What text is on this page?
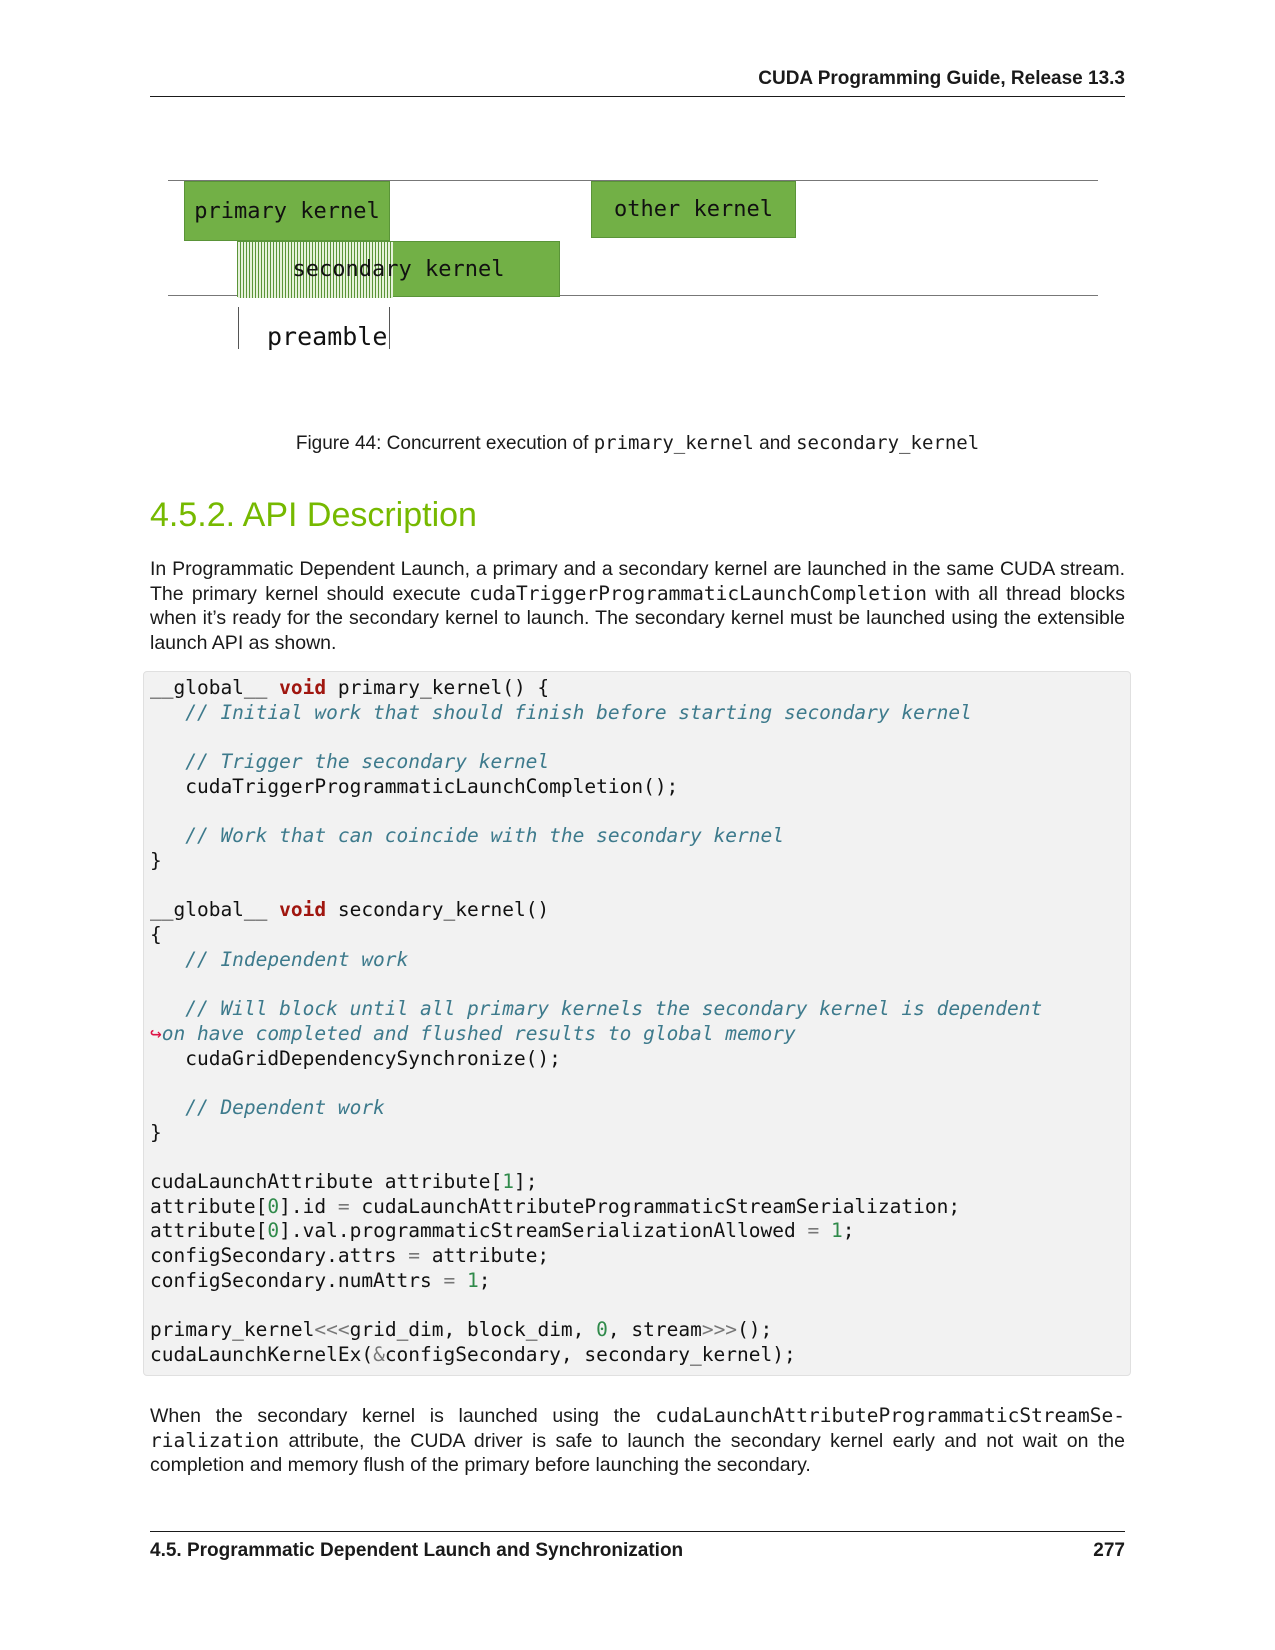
CUDA Programming Guide, Release 13.3
primary kernel	other kernel
secondary kernel
preamble
Figure 44: Concurrent execution of primary_kernel and secondary_kernel
4.5.2. API Description

In Programmatic Dependent Launch, a primary and a secondary kernel are launched in the same CUDA stream. The primary kernel should execute cudaTriggerProgrammaticLaunchCompletion with all thread blocks when it’s ready for the secondary kernel to launch. The secondary kernel must be launched using the extensible launch API as shown.

__global__ void primary_kernel() {
// Initial work that should finish before starting secondary kernel

// Trigger the secondary kernel
cudaTriggerProgrammaticLaunchCompletion();

// Work that can coincide with the secondary kernel
}

__global__ void secondary_kernel()
{
// Independent work

// Will block until all primary kernels the secondary kernel is dependent
↪on have completed and flushed results to global memory
cudaGridDependencySynchronize();

// Dependent work
}

cudaLaunchAttribute attribute[1];
attribute[0].id = cudaLaunchAttributeProgrammaticStreamSerialization;
attribute[0].val.programmaticStreamSerializationAllowed = 1;
configSecondary.attrs = attribute;
configSecondary.numAttrs = 1;

primary_kernel<<<grid_dim, block_dim, 0, stream>>>();
cudaLaunchKernelEx(&configSecondary, secondary_kernel);

When the secondary kernel is launched using the cudaLaunchAttributeProgrammaticStreamSe-rialization attribute, the CUDA driver is safe to launch the secondary kernel early and not wait on the completion and memory flush of the primary before launching the secondary.

4.5. Programmatic Dependent Launch and Synchronization	277
